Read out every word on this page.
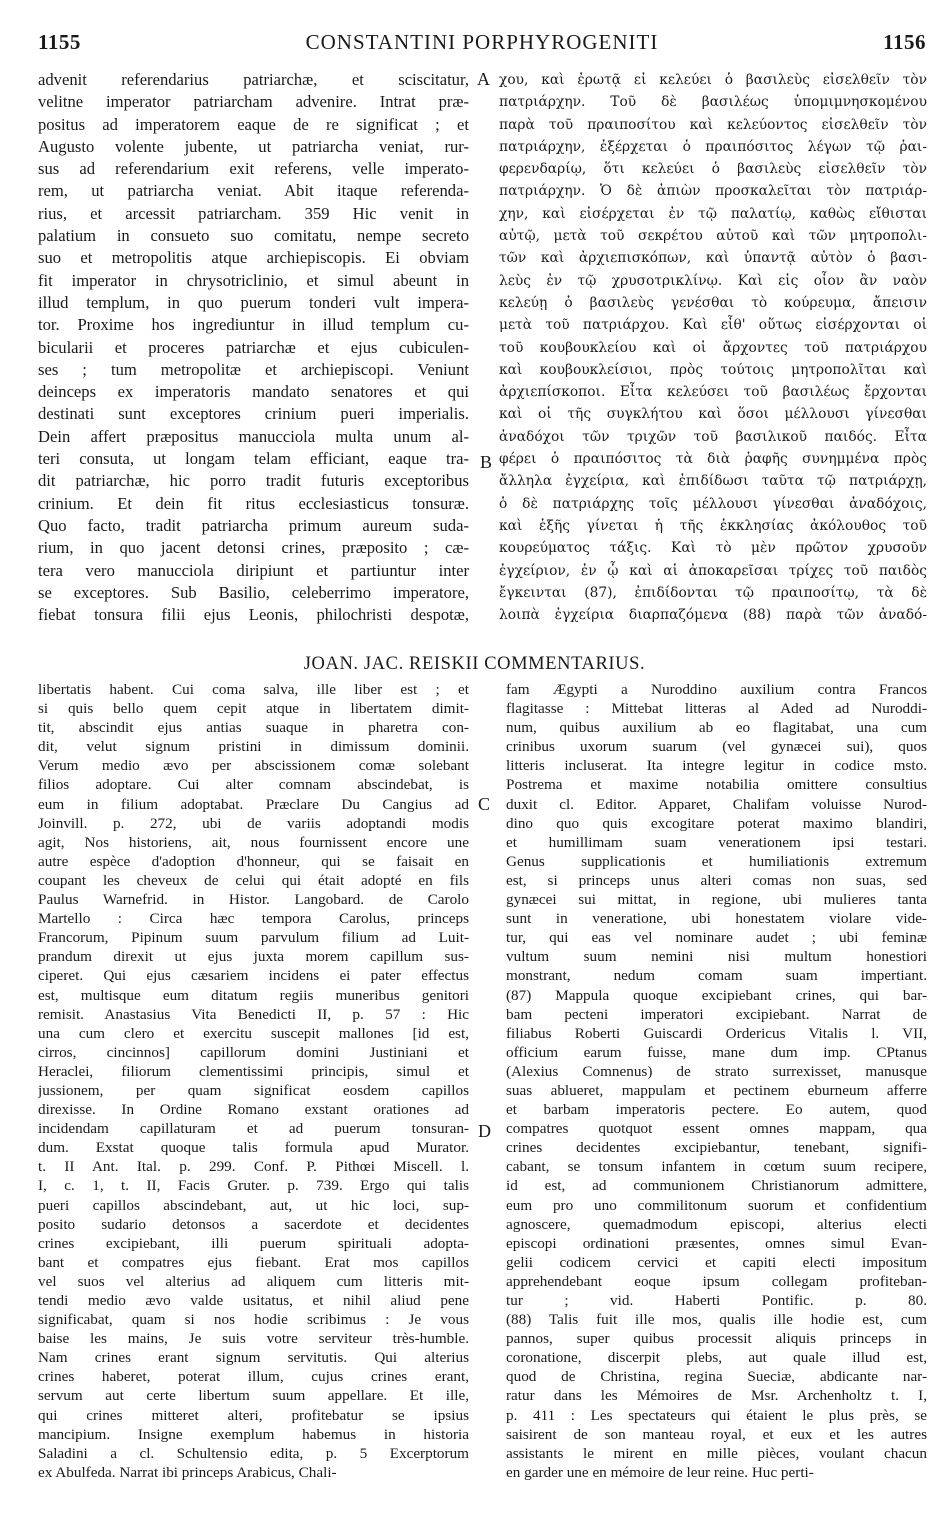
1155	CONSTANTINI PORPHYROGENITI	1156
advenit referendarius patriarchæ, et sciscitatur,
velitne imperator patriarcham advenire. Intrat præ-
positus ad imperatorem eaque de re significat ; et
Augusto volente jubente, ut patriarcha veniat, rur-
sus ad referendarium exit referens, velle imperato-
rem, ut patriarcha veniat. Abit itaque referenda-
rius, et arcessit patriarcham. 359 Hic venit in
palatium in consueto suo comitatu, nempe secreto
suo et metropolitis atque archiepiscopis. Ei obviam
fit imperator in chrysotriclinio, et simul abeunt in
illud templum, in quo puerum tonderi vult impera-
tor. Proxime hos ingrediuntur in illud templum cu-
bicularii et proceres patriarchæ et ejus cubiculen-
ses ; tum metropolitæ et archiepiscopi. Veniunt
deinceps ex imperatoris mandato senatores et qui
destinati sunt exceptores crinium pueri imperialis.
Dein affert præpositus manucciola multa unum al-
teri consuta, ut longam telam efficiant, eaque tra-
dit patriarchæ, hic porro tradit futuris exceptoribus
crinium. Et dein fit ritus ecclesiasticus tonsuræ.
Quo facto, tradit patriarcha primum aureum suda-
rium, in quo jacent detonsi crines, præposito ; cæ-
tera vero manucciola diripiunt et partiuntur inter
se exceptores. Sub Basilio, celeberrimo imperatore,
fiebat tonsura filii ejus Leonis, philochristi despotæ,
χου, καὶ ἐρωτᾷ εἰ κελεύει ὁ βασιλεὺς εἰσελθεῖν τὸν
πατριάρχην. Τοῦ δὲ βασιλέως ὑπομιμνησκομένου
παρὰ τοῦ πραιποσίτου καὶ κελεύοντος εἰσελθεῖν τὸν
πατριάρχην, ἐξέρχεται ὁ πραιπόσιτος λέγων τῷ ῥαι-
φερενδαρίῳ, ὅτι κελεύει ὁ βασιλεὺς εἰσελθεῖν τὸν
πατριάρχην. Ὁ δὲ ἀπιὼν προσκαλεῖται τὸν πατριάρ-
χην, καὶ εἰσέρχεται ἐν τῷ παλατίῳ, καθὼς εἴθισται
αὐτῷ, μετὰ τοῦ σεκρέτου αὐτοῦ καὶ τῶν μητροπολι-
τῶν καὶ ἀρχιεπισκόπων, καὶ ὑπαντᾷ αὐτὸν ὁ βασι-
λεὺς ἐν τῷ χρυσοτρικλίνῳ. Καὶ εἰς οἷον ἂν ναὸν
κελεύῃ ὁ βασιλεὺς γενέσθαι τὸ κούρευμα, ἄπεισιν
μετὰ τοῦ πατριάρχου. Καὶ εἶθ' οὕτως εἰσέρχονται οἱ
τοῦ κουβουκλείου καὶ οἱ ἄρχοντες τοῦ πατριάρχου
καὶ κουβουκλείσιοι, πρὸς τούτοις μητροπολῖται καὶ
ἀρχιεπίσκοποι. Εἶτα κελεύσει τοῦ βασιλέως ἔρχονται
καὶ οἱ τῆς συγκλήτου καὶ ὅσοι μέλλουσι γίνεσθαι
ἀναδόχοι τῶν τριχῶν τοῦ βασιλικοῦ παιδός. Εἶτα
φέρει ὁ πραιπόσιτος τὰ διὰ ῥαφῆς συνημμένα πρὸς
ἄλληλα ἐγχείρια, καὶ ἐπιδίδωσι ταῦτα τῷ πατριάρχῃ,
ὁ δὲ πατριάρχης τοῖς μέλλουσι γίνεσθαι ἀναδόχοις,
καὶ ἑξῆς γίνεται ἡ τῆς ἐκκλησίας ἀκόλουθος τοῦ
κουρεύματος τάξις. Καὶ τὸ μὲν πρῶτον χρυσοῦν
ἐγχείριον, ἐν ᾧ καὶ αἱ ἀποκαρεῖσαι τρίχες τοῦ παιδὸς
ἔγκεινται (87), ἐπιδίδονται τῷ πραιποσίτῳ, τὰ δὲ
λοιπὰ ἐγχείρια διαρπαζόμενα (88) παρὰ τῶν ἀναδό-
A
B
C
D
JOAN. JAC. REISKII COMMENTARIUS.
libertatis habent. Cui coma salva, ille liber est ; et
si quis bello quem cepit atque in libertatem dimit-
tit, abscindit ejus antias suaque in pharetra con-
dit, velut signum pristini in dimissum dominii.
Verum medio ævo per abscissionem comæ solebant
filios adoptare. Cui alter comnam abscindebat, is
eum in filium adoptabat. Præclare Du Cangius ad
Joinvill. p. 272, ubi de variis adoptandi modis
agit, Nos historiens, ait, nous fournissent encore une
autre espèce d'adoption d'honneur, qui se faisait en
coupant les cheveux de celui qui était adopté en fils
Paulus Warnefrid. in Histor. Langobard. de Carolo
Martello : Circa hæc tempora Carolus, princeps
Francorum, Pipinum suum parvulum filium ad Luit-
prandum direxit ut ejus juxta morem capillum sus-
ciperet. Qui ejus cæsariem incidens ei pater effectus
est, multisque eum ditatum regiis muneribus genitori
remisit. Anastasius Vita Benedicti II, p. 57 : Hic
una cum clero et exercitu suscepit mallones [id est,
cirros, cincinnos] capillorum domini Justiniani et
Heraclei, filiorum clementissimi principis, simul et
jussionem, per quam significat eosdem capillos
direxisse. In Ordine Romano exstant orationes ad
incidendam capillaturam et ad puerum tonsuran-
dum. Exstat quoque talis formula apud Murator.
t. II Ant. Ital. p. 299. Conf. P. Pithœi Miscell. l.
I, c. 1, t. II, Facis Gruter. p. 739. Ergo qui talis
pueri capillos abscindebant, aut, ut hic loci, sup-
posito sudario detonsos a sacerdote et decidentes
crines excipiebant, illi puerum spirituali adopta-
bant et compatres ejus fiebant. Erat mos capillos
vel suos vel alterius ad aliquem cum litteris mit-
tendi medio ævo valde usitatus, et nihil aliud pene
significabat, quam si nos hodie scribimus : Je vous
baise les mains, Je suis votre serviteur très-humble.
Nam crines erant signum servitutis. Qui alterius
crines haberet, poterat illum, cujus crines erant,
servum aut certe libertum suum appellare. Et ille,
qui crines mitteret alteri, profitebatur se ipsius
mancipium. Insigne exemplum habemus in historia
Saladini a cl. Schultensio edita, p. 5 Excerptorum
ex Abulfeda. Narrat ibi princeps Arabicus, Chali-
fam Ægypti a Nuroddino auxilium contra Francos
flagitasse : Mittebat litteras al Aded ad Nuroddi-
num, quibus auxilium ab eo flagitabat, una cum
crinibus uxorum suarum (vel gynæcei sui), quos
litteris incluserat. Ita integre legitur in codice msto.
Postrema et maxime notabilia omittere consultius
duxit cl. Editor. Apparet, Chalifam voluisse Nurod-
dino quo quis excogitare poterat maximo blandiri,
et humillimam suam venerationem ipsi testari.
Genus supplicationis et humiliationis extremum
est, si princeps unus alteri comas non suas, sed
gynæcei sui mittat, in regione, ubi mulieres tanta
sunt in veneratione, ubi honestatem violare vide-
tur, qui eas vel nominare audet ; ubi feminæ
vultum suum nemini nisi multum honestiori
monstrant, nedum comam suam impertiant.
(87) Mappula quoque excipiebant crines, qui bar-
bam pecteni imperatori excipiebant. Narrat de
filiabus Roberti Guiscardi Ordericus Vitalis l. VII,
officium earum fuisse, mane dum imp. CPtanus
(Alexius Comnenus) de strato surrexisset, manusque
suas ablueret, mappulam et pectinem eburneum afferre
et barbam imperatoris pectere. Eo autem, quod
compatres quotquot essent omnes mappam, qua
crines decidentes excipiebantur, tenebant, signifi-
cabant, se tonsum infantem in cœtum suum recipere,
id est, ad communionem Christianorum admittere,
eum pro uno commilitonum suorum et confidentium
agnoscere, quemadmodum episcopi, alterius electi
episcopi ordinationi præsentes, omnes simul Evan-
gelii codicem cervici et capiti electi impositum
apprehendebant eoque ipsum collegam profiteban-
tur ; vid. Haberti Pontific. p. 80.
(88) Talis fuit ille mos, qualis ille hodie est, cum
pannos, super quibus processit aliquis princeps in
coronatione, discerpit plebs, aut quale illud est,
quod de Christina, regina Sueciæ, abdicante nar-
ratur dans les Mémoires de Msr. Archenholtz t. I,
p. 411 : Les spectateurs qui étaient le plus près, se
saisirent de son manteau royal, et eux et les autres
assistants le mirent en mille pièces, voulant chacun
en garder une en mémoire de leur reine. Huc perti-
